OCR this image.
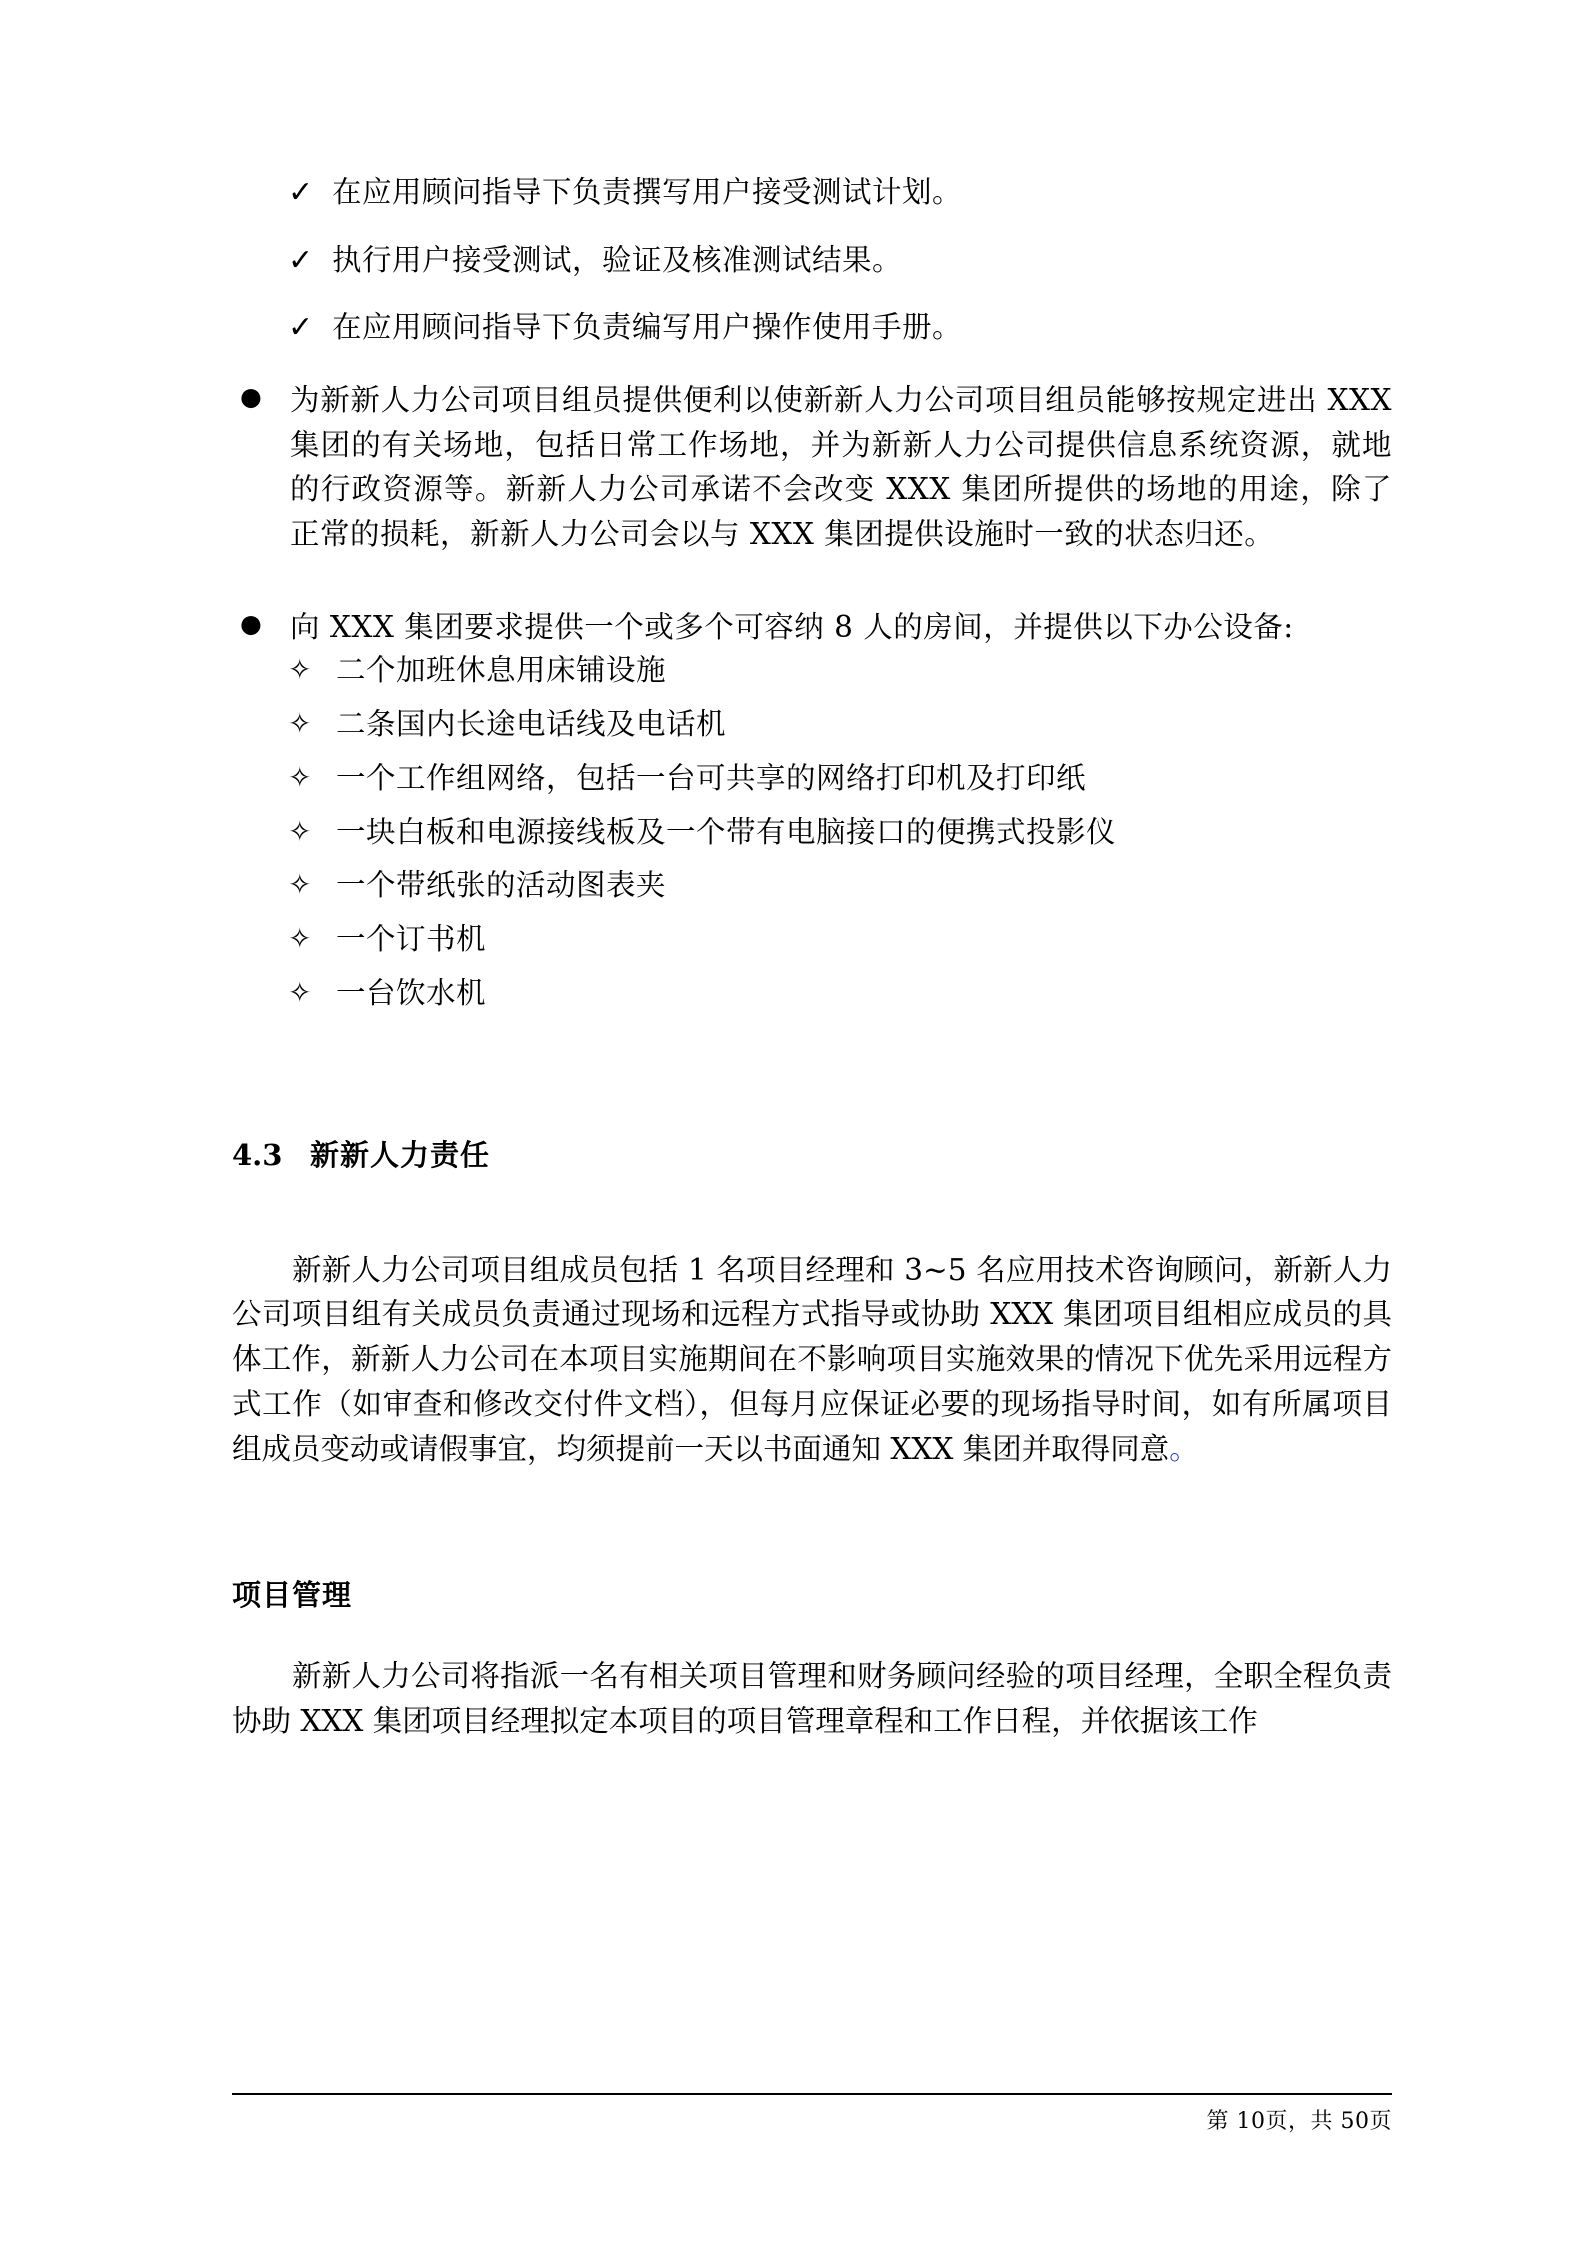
✓ 在应用顾问指导下负责撰写用户接受测试计划。
✓ 执行用户接受测试，验证及核准测试结果。
✓ 在应用顾问指导下负责编写用户操作使用手册。
● 为新新人力公司项目组员提供便利以使新新人力公司项目组员能够按规定进出 XXX 集团的有关场地，包括日常工作场地，并为新新人力公司提供信息系统资源，就地的行政资源等。新新人力公司承诺不会改变 XXX 集团所提供的场地的用途，除了正常的损耗，新新人力公司会以与 XXX 集团提供设施时一致的状态归还。
● 向 XXX 集团要求提供一个或多个可容纳 8 人的房间，并提供以下办公设备:
✧ 二个加班休息用床铺设施
✧ 二条国内长途电话线及电话机
✧ 一个工作组网络，包括一台可共享的网络打印机及打印纸
✧ 一块白板和电源接线板及一个带有电脑接口的便携式投影仪
✧ 一个带纸张的活动图表夹
✧ 一个订书机
✧ 一台饮水机
4.3 新新人力责任

新新人力公司项目组成员包括 1 名项目经理和 3~5 名应用技术咨询顾问，新新人力公司项目组有关成员负责通过现场和远程方式指导或协助 XXX 集团项目组相应成员的具体工作，新新人力公司在本项目实施期间在不影响项目实施效果的情况下优先采用远程方式工作（如审查和修改交付件文档），但每月应保证必要的现场指导时间，如有所属项目组成员变动或请假事宜，均须提前一天以书面通知 XXX 集团并取得同意。

项目管理

新新人力公司将指派一名有相关项目管理和财务顾问经验的项目经理，全职全程负责协助 XXX 集团项目经理拟定本项目的项目管理章程和工作日程，并依据该工作

第 10页，共 50页
